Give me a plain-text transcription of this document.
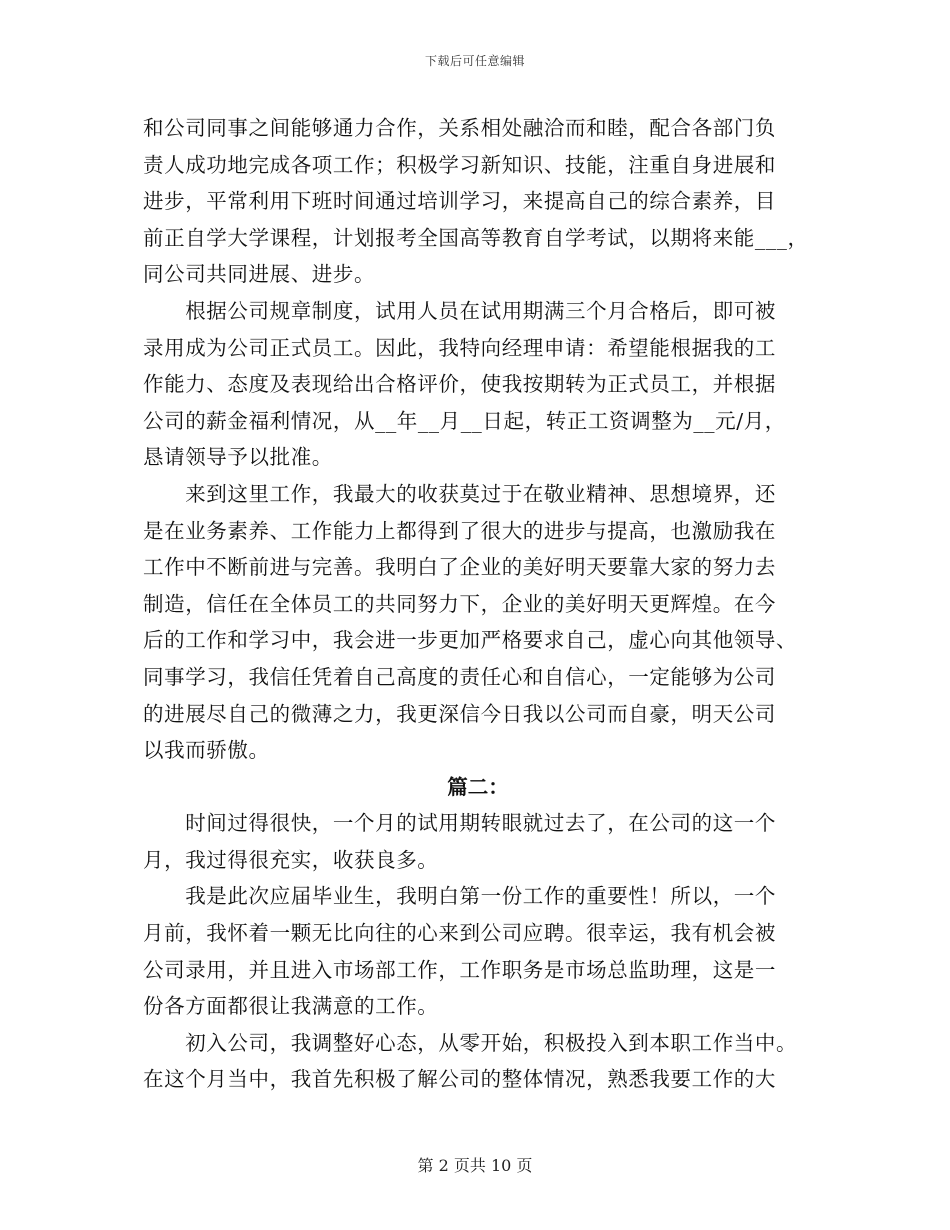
下载后可任意编辑
和公司同事之间能够通力合作，关系相处融洽而和睦，配合各部门负
责人成功地完成各项工作；积极学习新知识、技能，注重自身进展和
进步，平常利用下班时间通过培训学习，来提高自己的综合素养，目
前正自学大学课程，计划报考全国高等教育自学考试，以期将来能___，
同公司共同进展、进步。
　　根据公司规章制度，试用人员在试用期满三个月合格后，即可被
录用成为公司正式员工。因此，我特向经理申请：希望能根据我的工
作能力、态度及表现给出合格评价，使我按期转为正式员工，并根据
公司的薪金福利情况，从__年__月__日起，转正工资调整为__元/月，
恳请领导予以批准。
　　来到这里工作，我最大的收获莫过于在敬业精神、思想境界，还
是在业务素养、工作能力上都得到了很大的进步与提高，也激励我在
工作中不断前进与完善。我明白了企业的美好明天要靠大家的努力去
制造，信任在全体员工的共同努力下，企业的美好明天更辉煌。在今
后的工作和学习中，我会进一步更加严格要求自己，虚心向其他领导、
同事学习，我信任凭着自己高度的责任心和自信心，一定能够为公司
的进展尽自己的微薄之力，我更深信今日我以公司而自豪，明天公司
以我而骄傲。
篇二：
　　时间过得很快，一个月的试用期转眼就过去了，在公司的这一个
月，我过得很充实，收获良多。
　　我是此次应届毕业生，我明白第一份工作的重要性！所以，一个
月前，我怀着一颗无比向往的心来到公司应聘。很幸运，我有机会被
公司录用，并且进入市场部工作，工作职务是市场总监助理，这是一
份各方面都很让我满意的工作。
　　初入公司，我调整好心态，从零开始，积极投入到本职工作当中。
在这个月当中，我首先积极了解公司的整体情况，熟悉我要工作的大
第 2 页共 10 页
